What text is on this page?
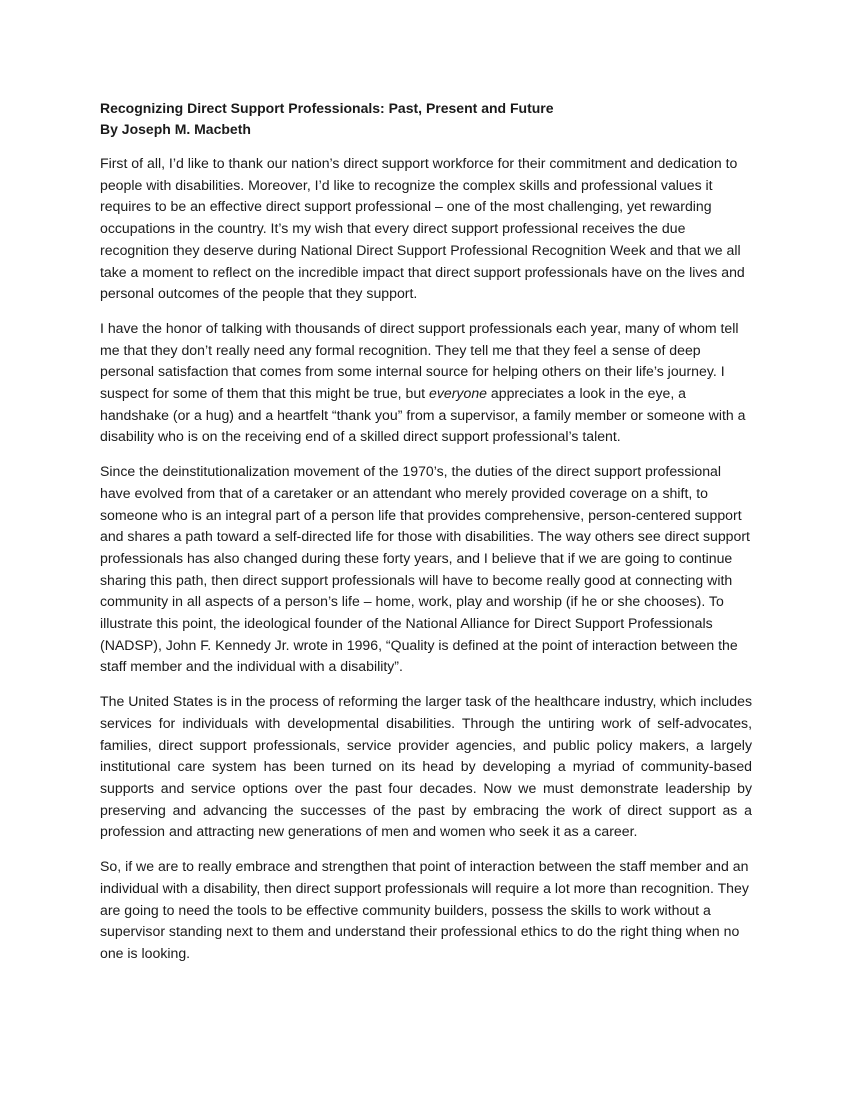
Recognizing Direct Support Professionals: Past, Present and Future
By Joseph M. Macbeth

First of all, I’d like to thank our nation’s direct support workforce for their commitment and dedication to people with disabilities. Moreover, I’d like to recognize the complex skills and professional values it requires to be an effective direct support professional – one of the most challenging, yet rewarding occupations in the country. It’s my wish that every direct support professional receives the due recognition they deserve during National Direct Support Professional Recognition Week and that we all take a moment to reflect on the incredible impact that direct support professionals have on the lives and personal outcomes of the people that they support.

I have the honor of talking with thousands of direct support professionals each year, many of whom tell me that they don’t really need any formal recognition. They tell me that they feel a sense of deep personal satisfaction that comes from some internal source for helping others on their life’s journey. I suspect for some of them that this might be true, but everyone appreciates a look in the eye, a handshake (or a hug) and a heartfelt “thank you” from a supervisor, a family member or someone with a disability who is on the receiving end of a skilled direct support professional’s talent.

Since the deinstitutionalization movement of the 1970’s, the duties of the direct support professional have evolved from that of a caretaker or an attendant who merely provided coverage on a shift, to someone who is an integral part of a person life that provides comprehensive, person-centered support and shares a path toward a self-directed life for those with disabilities. The way others see direct support professionals has also changed during these forty years, and I believe that if we are going to continue sharing this path, then direct support professionals will have to become really good at connecting with community in all aspects of a person’s life – home, work, play and worship (if he or she chooses). To illustrate this point, the ideological founder of the National Alliance for Direct Support Professionals (NADSP), John F. Kennedy Jr. wrote in 1996, “Quality is defined at the point of interaction between the staff member and the individual with a disability”.

The United States is in the process of reforming the larger task of the healthcare industry, which includes services for individuals with developmental disabilities. Through the untiring work of self-advocates, families, direct support professionals, service provider agencies, and public policy makers, a largely institutional care system has been turned on its head by developing a myriad of community-based supports and service options over the past four decades. Now we must demonstrate leadership by preserving and advancing the successes of the past by embracing the work of direct support as a profession and attracting new generations of men and women who seek it as a career.

So, if we are to really embrace and strengthen that point of interaction between the staff member and an individual with a disability, then direct support professionals will require a lot more than recognition. They are going to need the tools to be effective community builders, possess the skills to work without a supervisor standing next to them and understand their professional ethics to do the right thing when no one is looking.
